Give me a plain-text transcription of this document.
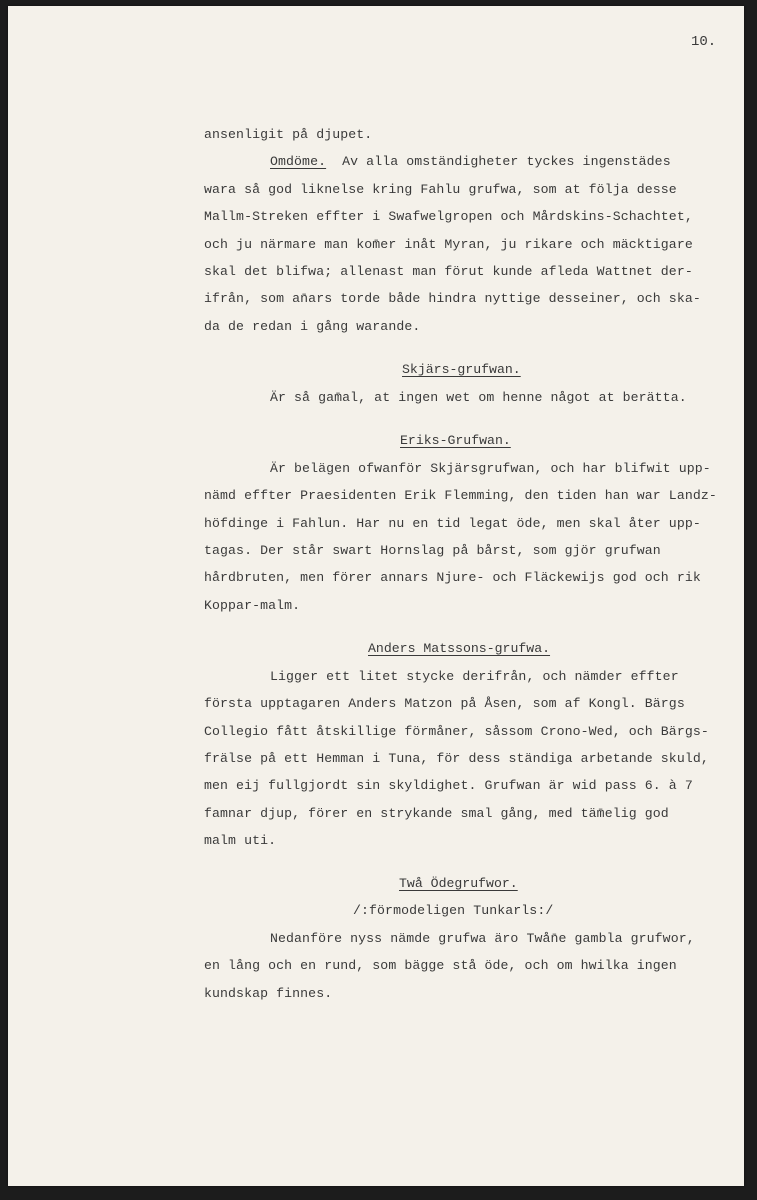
10.
ansenligit på djupet.
Omdöme. Av alla omständigheter tyckes ingenstädes
wara så god liknelse kring Fahlu grufwa, som at följa desse
Mallm-Streken effter i Swafwelgropen och Mårdskins-Schachtet,
och ju närmare man kom̄er inåt Myran, ju rikare och mäcktigare
skal det blifwa; allenast man förut kunde afleda Wattnet der-
ifrån, som an̄ars torde både hindra nyttige desseiner, och ska-
da de redan i gång warande.
Skjärs-grufwan.
Är så gam̄al, at ingen wet om henne något at berätta.
Eriks-Grufwan.
Är belägen ofwanför Skjärsgrufwan, och har blifwit upp-
nämd effter Praesidenten Erik Flemming, den tiden han war Landz-
höfdinge i Fahlun. Har nu en tid legat öde, men skal åter upp-
tagas. Der står swart Hornslag på bårst, som gjör grufwan
hårdbruten, men förer annars Njure- och Fläckewijs god och rik
Koppar-malm.
Anders Matssons-grufwa.
Ligger ett litet stycke derifrån, och nämder effter
första upptagaren Anders Matzon på Åsen, som af Kongl. Bärgs
Collegio fått åtskillige förmåner, såssom Crono-Wed, och Bärgs-
frälse på ett Hemman i Tuna, för dess ständiga arbetande skuld,
men eij fullgjordt sin skyldighet. Grufwan är wid pass 6. à 7
famnar djup, förer en strykande smal gång, med täm̄elig god
malm uti.
Twå Ödegrufwor.
/:förmodeligen Tunkarls:/
Nedanföre nyss nämde grufwa äro Twån̄e gambla grufwor,
en lång och en rund, som bägge stå öde, och om hwilka ingen
kundskap finnes.
